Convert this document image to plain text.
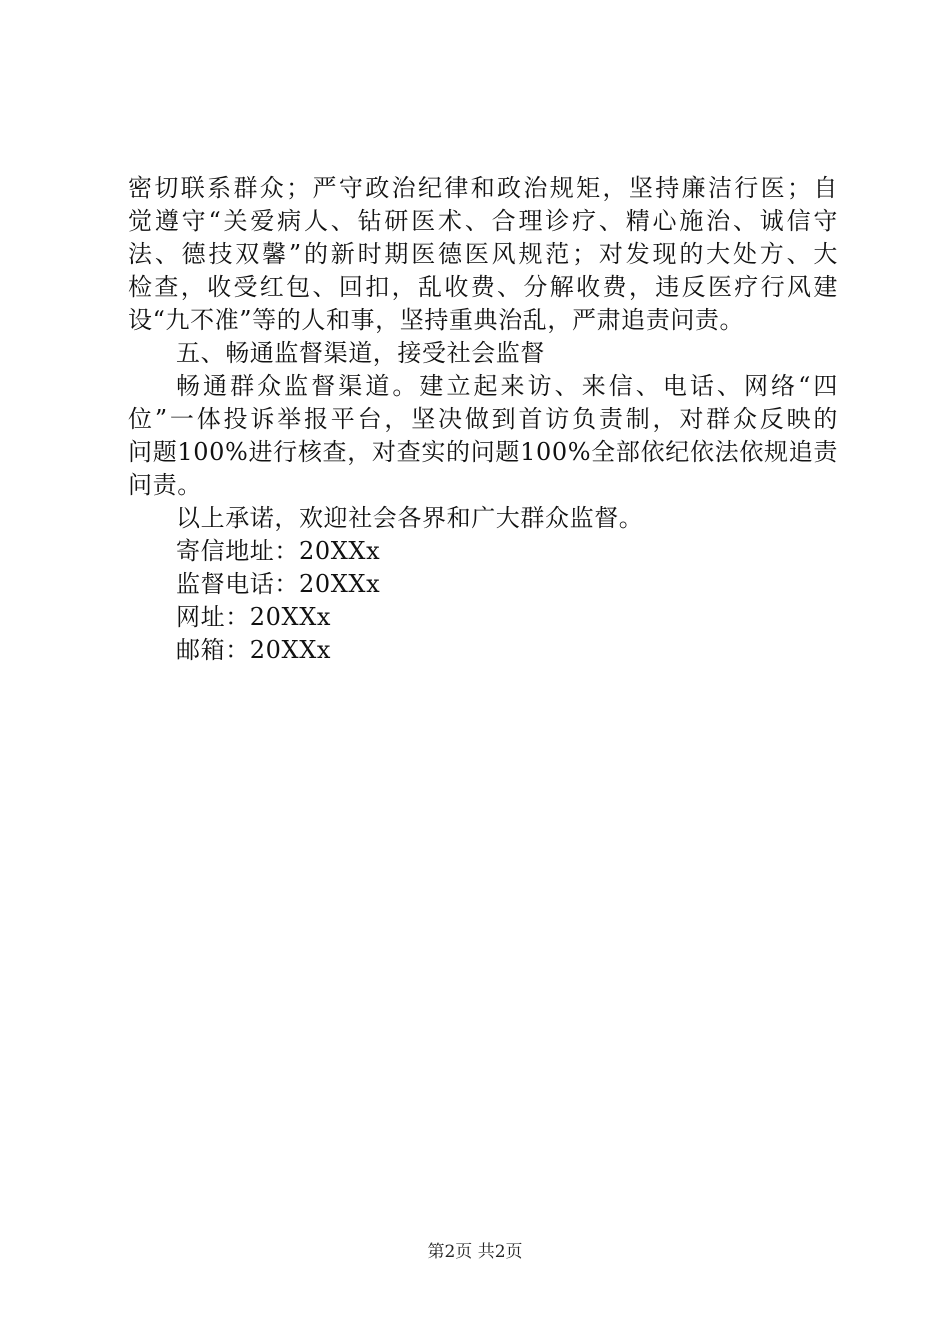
密切联系群众；严守政治纪律和政治规矩，坚持廉洁行医；自
觉遵守“关爱病人、钻研医术、合理诊疗、精心施治、诚信守
法、德技双馨”的新时期医德医风规范；对发现的大处方、大
检查，收受红包、回扣，乱收费、分解收费，违反医疗行风建
设“九不准”等的人和事，坚持重典治乱，严肃追责问责。
五、畅通监督渠道，接受社会监督
畅通群众监督渠道。建立起来访、来信、电话、网络“四
位”一体投诉举报平台，坚决做到首访负责制，对群众反映的
问题100%进行核查，对查实的问题100%全部依纪依法依规追责
问责。
以上承诺，欢迎社会各界和广大群众监督。
寄信地址：20XXx
监督电话：20XXx
网址：20XXx
邮箱：20XXx
第2页 共2页
